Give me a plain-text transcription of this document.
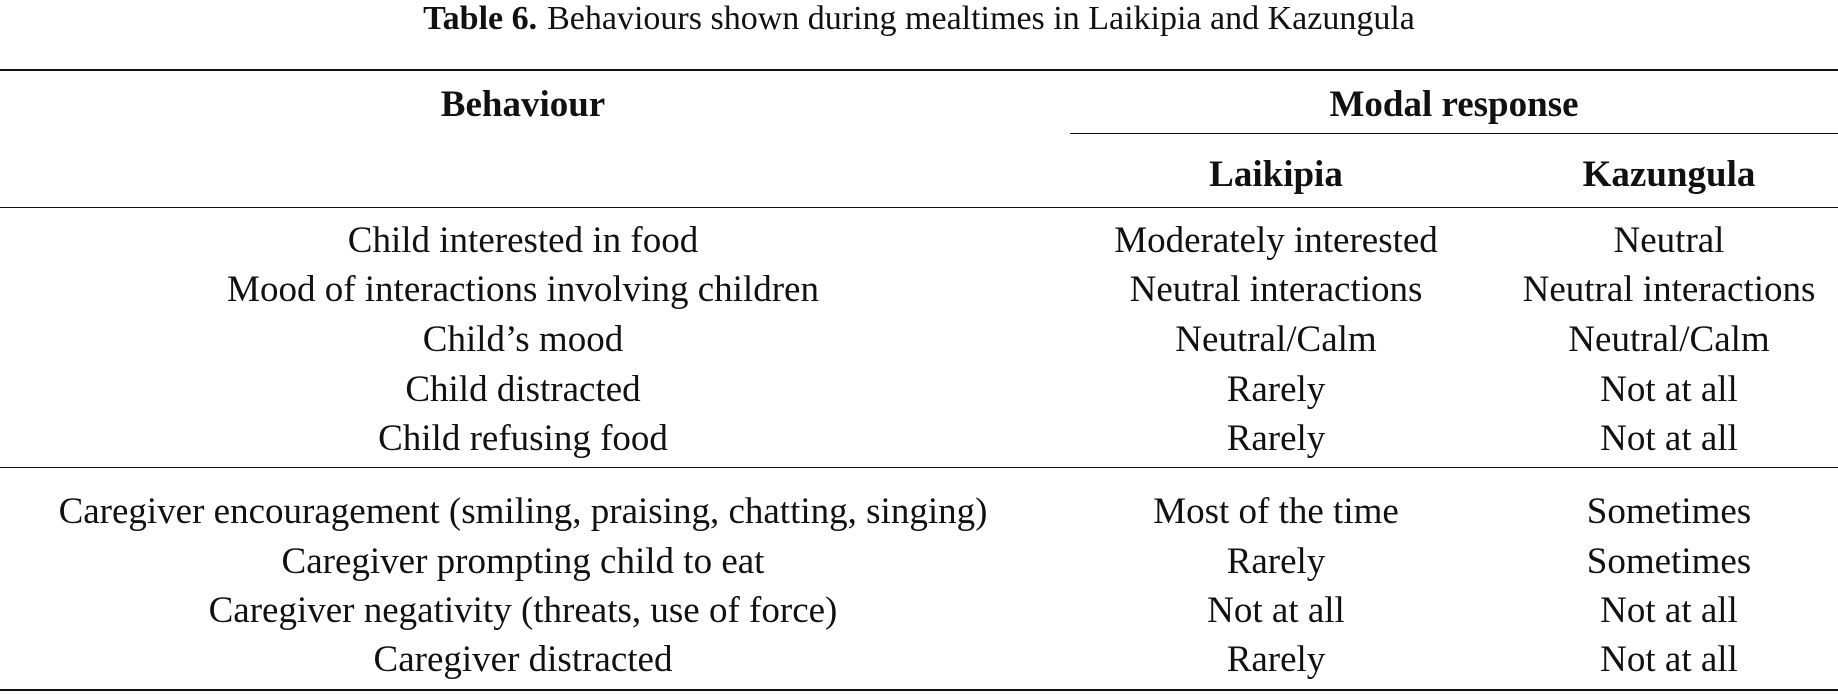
Table 6. Behaviours shown during mealtimes in Laikipia and Kazungula
Behaviour	Modal response
Laikipia	Kazungula
Child interested in food	Moderately interested	Neutral
Mood of interactions involving children	Neutral interactions	Neutral interactions
Child’s mood	Neutral/Calm	Neutral/Calm
Child distracted	Rarely	Not at all
Child refusing food	Rarely	Not at all
Caregiver encouragement (smiling, praising, chatting, singing)	Most of the time	Sometimes
Caregiver prompting child to eat	Rarely	Sometimes
Caregiver negativity (threats, use of force)	Not at all	Not at all
Caregiver distracted	Rarely	Not at all
